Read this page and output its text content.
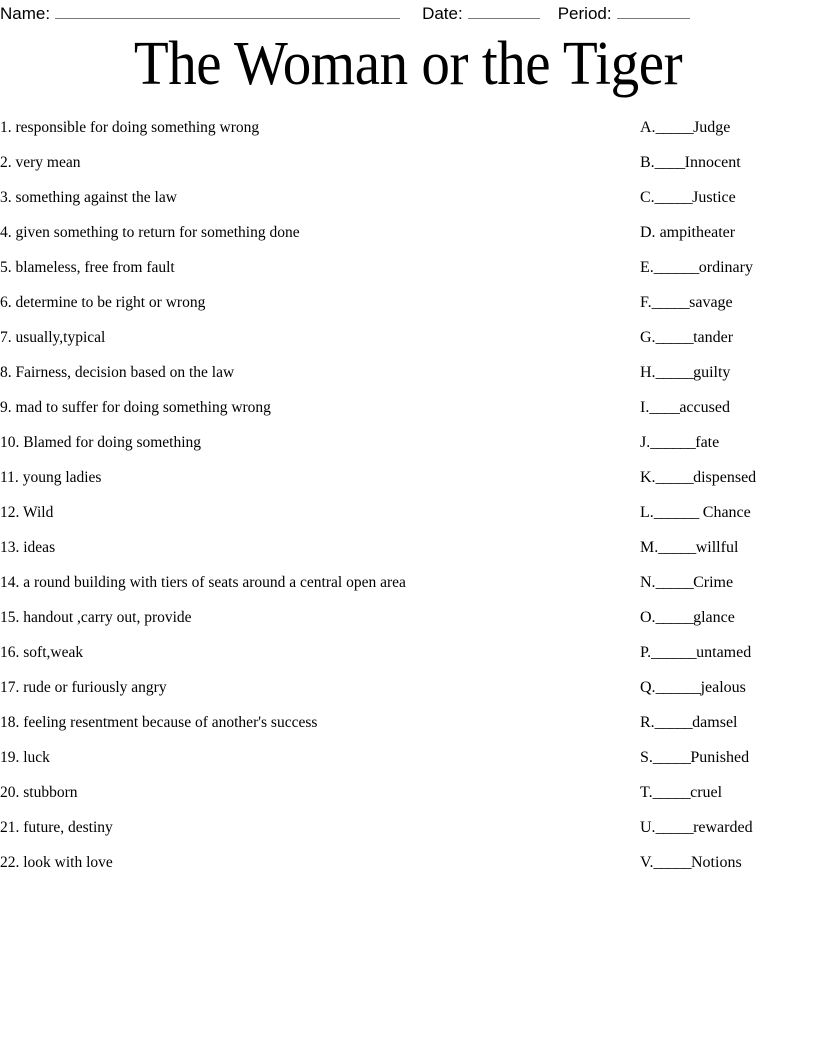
Name:	Date:	Period:
The Woman or the Tiger
1. responsible for doing something wrong	A._____Judge
2. very mean	B.____Innocent
3. something against the law	C._____Justice
4. given something to return for something done	D. ampitheater
5. blameless, free from fault	E.______ordinary
6. determine to be right or wrong	F._____savage
7. usually,typical	G._____tander
8. Fairness, decision based on the law	H._____guilty
9. mad to suffer for doing something wrong	I.____accused
10. Blamed for doing something	J.______fate
11. young ladies	K._____dispensed
12. Wild	L.______ Chance
13. ideas	M._____willful
14. a round building with tiers of seats around a central open area	N._____Crime
15. handout ,carry out, provide	O._____glance
16. soft,weak	P.______untamed
17. rude or furiously angry	Q.______jealous
18. feeling resentment because of another's success	R._____damsel
19. luck	S._____Punished
20. stubborn	T._____cruel
21. future, destiny	U._____rewarded
22. look with love	V._____Notions
